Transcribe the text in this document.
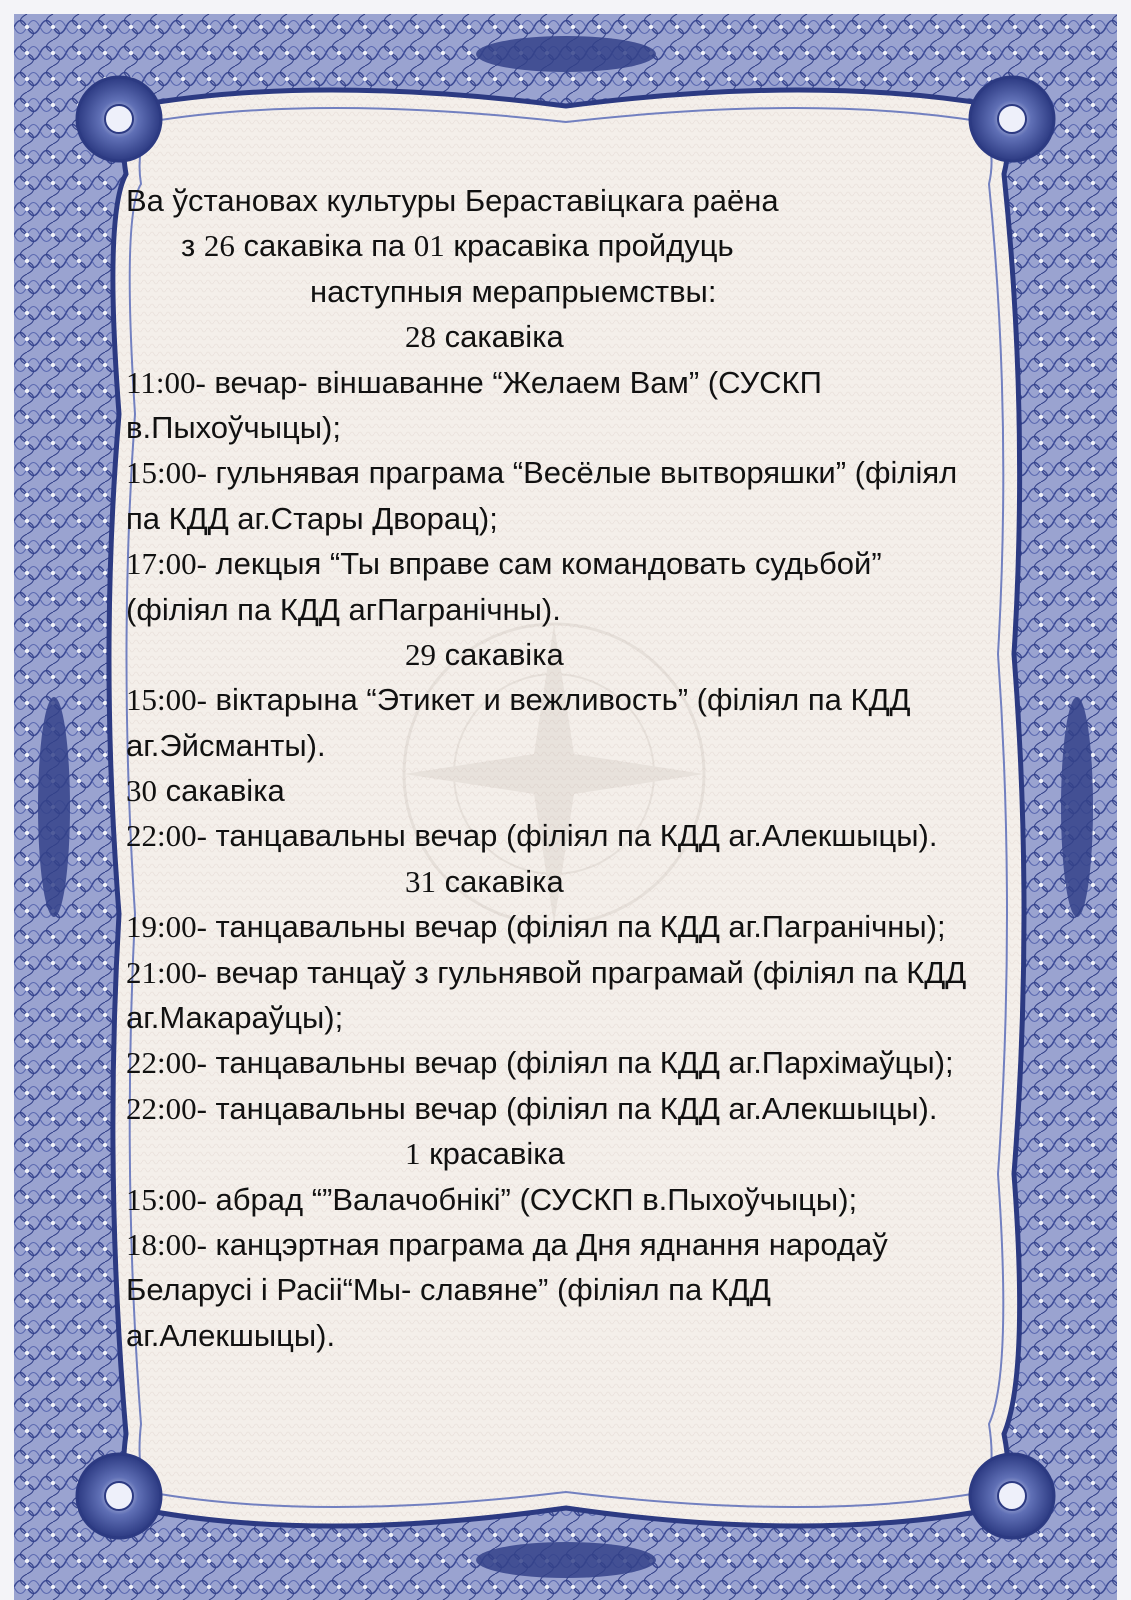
Ва ўстановах культуры Бераставіцкага раёна
з 26 сакавіка па 01 красавіка пройдуць
наступныя мерапрыемствы:
28 сакавіка
11:00- вечар- віншаванне “Желаем Вам” (СУСКП
в.Пыхоўчыцы);
15:00- гульнявая праграма “Весёлые вытворяшки” (філіял
па КДД аг.Стары Дворац);
17:00- лекцыя “Ты вправе сам командовать судьбой”
(філіял па КДД агПагранічны).
29 сакавіка
15:00- віктарына “Этикет и вежливость” (філіял па КДД
аг.Эйсманты).
30 сакавіка
22:00- танцавальны вечар (філіял па КДД аг.Алекшыцы).
31 сакавіка
19:00- танцавальны вечар (філіял па КДД аг.Пагранічны);
21:00- вечар танцаў з гульнявой праграмай (філіял па КДД
аг.Макараўцы);
22:00- танцавальны вечар (філіял па КДД аг.Пархімаўцы);
22:00- танцавальны вечар (філіял па КДД аг.Алекшыцы).
1 красавіка
15:00- абрад “”Валачобнікі” (СУСКП в.Пыхоўчыцы);
18:00- канцэртная праграма да Дня яднання народаў
Беларусі і Расіі“Мы- славяне” (філіял па КДД
аг.Алекшыцы).
